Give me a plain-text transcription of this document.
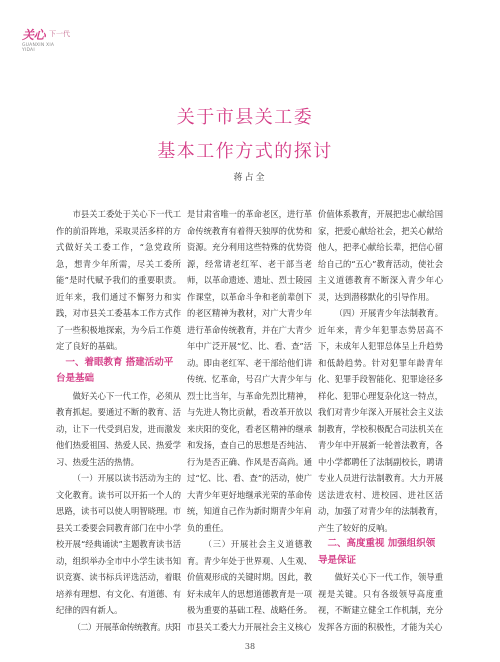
关心 下一代
GUANXIN XIAYIDAI
关于市县关工委
基本工作方式的探讨
蒋占全

市县关工委处于关心下一代工作的前沿阵地，采取灵活多样的方式做好关工委工作，“急党政所急，想青少年所需，尽关工委所能”是时代赋予我们的重要职责。近年来，我们通过不懈努力和实践，对市县关工委基本工作方式作了一些积极地探索，为今后工作奠定了良好的基础。

一、着眼教育 搭建活动平台是基础

做好关心下一代工作，必须从教育抓起。要通过不断的教育、活动，让下一代受到启发，进而激发他们热爱祖国、热爱人民、热爱学习、热爱生活的热情。

（一）开展以读书活动为主的文化教育。读书可以开拓一个人的思路，读书可以使人明智晓理。市县关工委要会同教育部门在中小学校开展“经典诵读”主题教育读书活动，组织举办全市中小学生读书知识竞赛、读书标兵评选活动，着眼培养有理想、有文化、有道德、有纪律的四有新人。

（二）开展革命传统教育。庆阳

是甘肃省唯一的革命老区，进行革命传统教育有着得天独厚的优势和资源。充分利用这些特殊的优势资源，经常请老红军、老干部当老师，以革命遗迹、遗址、烈士陵园作课堂，以革命斗争和老前辈创下的老区精神为教材，对广大青少年进行革命传统教育，并在广大青少年中广泛开展“忆、比、看、查”活动。即由老红军、老干部给他们讲传统、忆革命，号召广大青少年与烈士比当年，与革命先烈比精神，与先进人物比贡献，看改革开放以来庆阳的变化，看老区精神的继承和发扬，查自己的思想是否纯洁、行为是否正确、作风是否高尚。通过“忆、比、看、查”的活动，使广大青少年更好地继承光荣的革命传统，知道自己作为新时期青少年肩负的重任。

（三）开展社会主义道德教育。青少年处于世界观、人生观、价值观形成的关键时期。因此，教好未成年人的思想道德教育是一项极为重要的基础工程、战略任务。市县关工委大力开展社会主义核心

价值体系教育，开展把忠心献给国家，把爱心献给社会，把关心献给他人，把孝心献给长辈，把信心留给自己的“五心”教育活动，使社会主义道德教育不断深入青少年心灵，达到潜移默化的引导作用。

（四）开展青少年法制教育。近年来，青少年犯罪态势居高不下，未成年人犯罪总体呈上升趋势和低龄趋势。针对犯罪年龄青年化、犯罪手段智能化、犯罪途径多样化、犯罪心理复杂化这一特点，我们对青少年深入开展社会主义法制教育，学校积极配合司法机关在青少年中开展新一轮普法教育，各中小学都聘任了法制副校长，聘请专业人员进行法制教育。大力开展送法进农村、进校园、进社区活动，加强了对青少年的法制教育，产生了较好的反响。

二、高度重视 加强组织领导是保证

做好关心下一代工作，领导重视是关键。只有各级领导高度重视，不断建立健全工作机制，充分发挥各方面的积极性，才能为关心

38
